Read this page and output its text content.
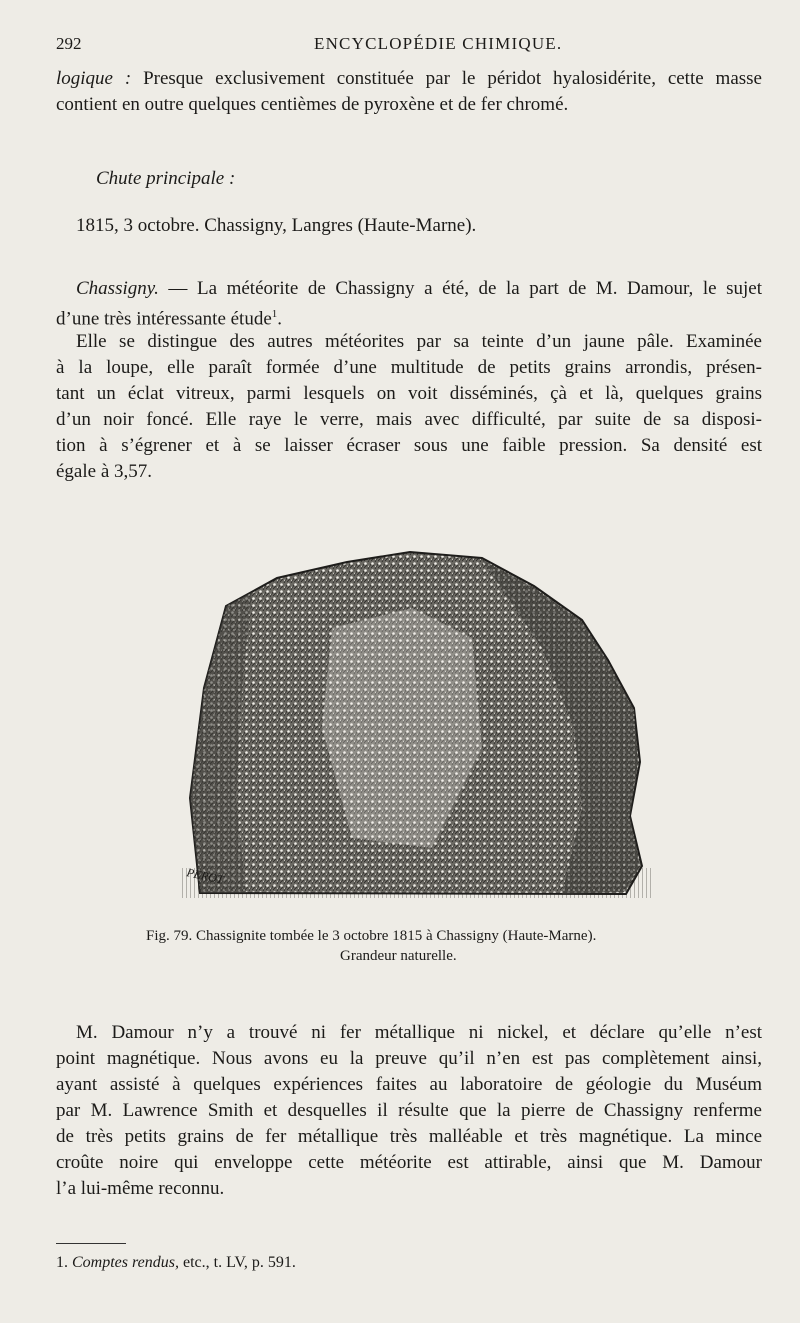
292	ENCYCLOPÉDIE CHIMIQUE.
logique : Presque exclusivement constituée par le péridot hyalosidérite, cette masse
contient en outre quelques centièmes de pyroxène et de fer chromé.
Chute principale :
1815, 3 octobre. Chassigny, Langres (Haute-Marne).
Chassigny. — La météorite de Chassigny a été, de la part de M. Damour, le sujet
d’une très intéressante étude$^1$.
Elle se distingue des autres météorites par sa teinte d’un jaune pâle. Examinée
à la loupe, elle paraît formée d’une multitude de petits grains arrondis, présen-
tant un éclat vitreux, parmi lesquels on voit disséminés, çà et là, quelques grains
d’un noir foncé. Elle raye le verre, mais avec difficulté, par suite de sa disposi-
tion à s’égrener et à se laisser écraser sous une faible pression. Sa densité est
égale à 3,57.
PEROT
Fig. 79. Chassignite tombée le 3 octobre 1815 à Chassigny (Haute-Marne).
Grandeur naturelle.
M. Damour n’y a trouvé ni fer métallique ni nickel, et déclare qu’elle n’est
point magnétique. Nous avons eu la preuve qu’il n’en est pas complètement ainsi,
ayant assisté à quelques expériences faites au laboratoire de géologie du Muséum
par M. Lawrence Smith et desquelles il résulte que la pierre de Chassigny renferme
de très petits grains de fer métallique très malléable et très magnétique. La mince
croûte noire qui enveloppe cette météorite est attirable, ainsi que M. Damour
l’a lui-même reconnu.
1. Comptes rendus, etc., t. LV, p. 591.
